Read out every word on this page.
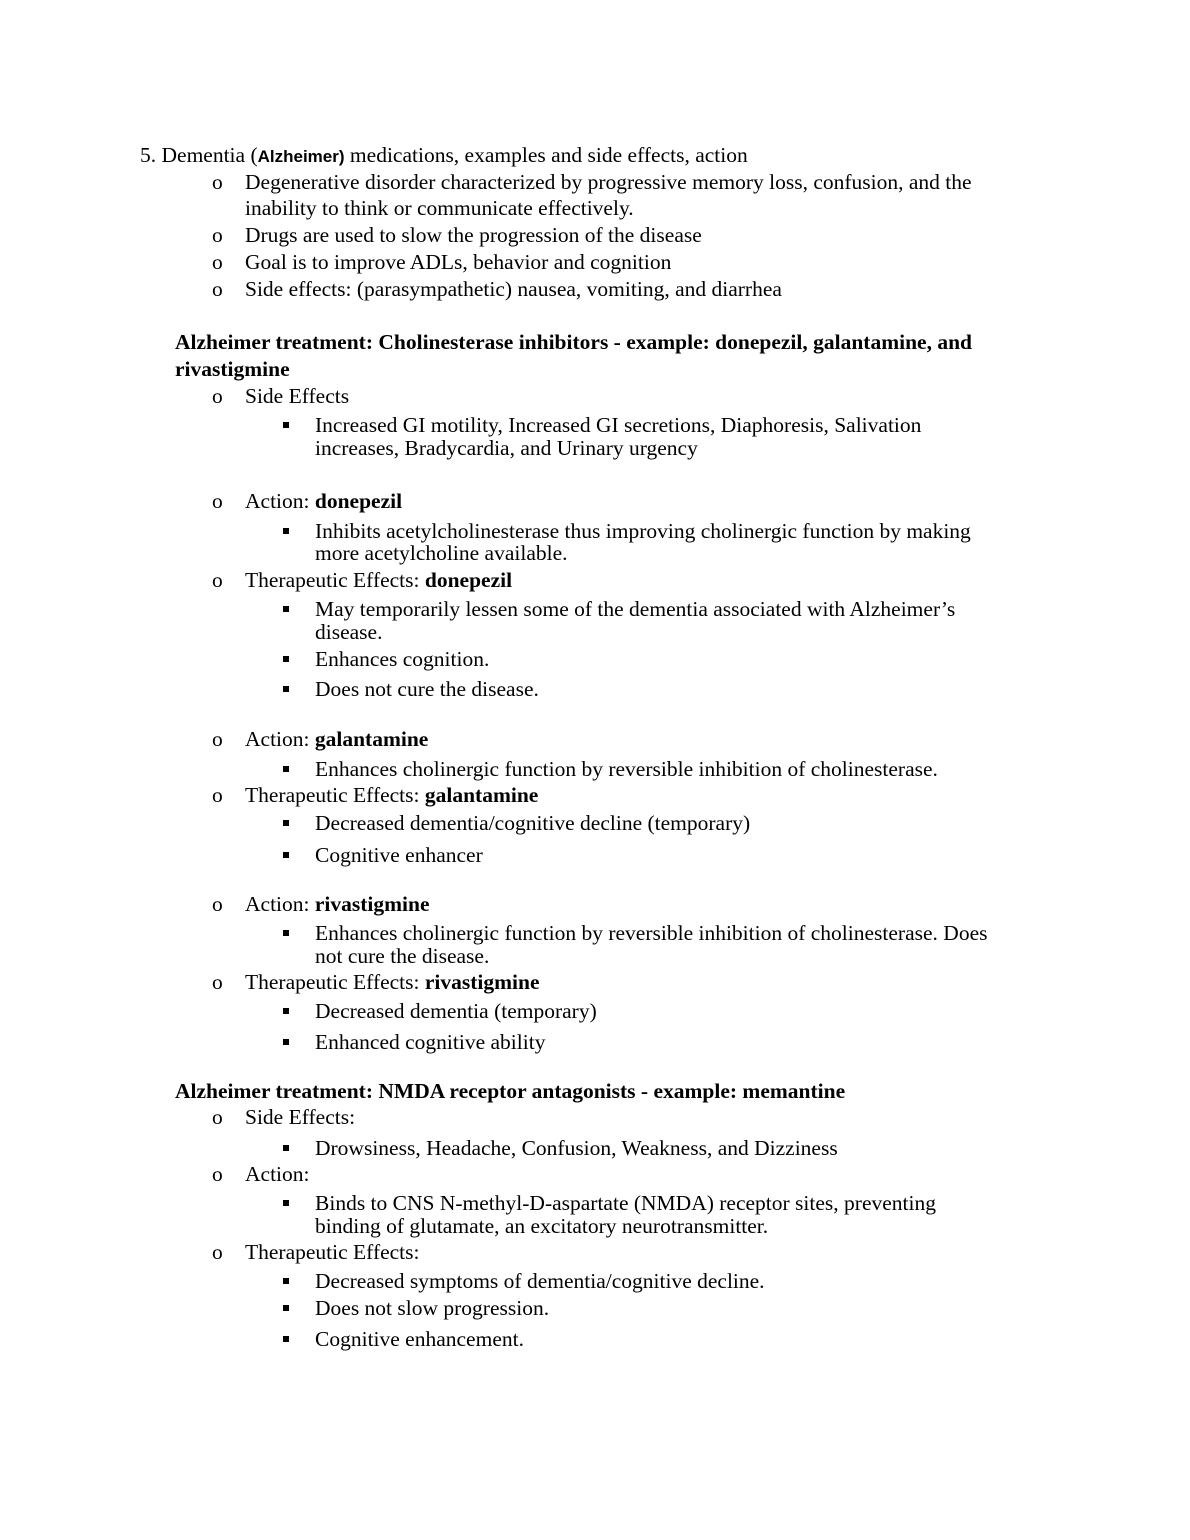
5. Dementia (Alzheimer) medications, examples and side effects, action
o Degenerative disorder characterized by progressive memory loss, confusion, and the
inability to think or communicate effectively.
o Drugs are used to slow the progression of the disease
o Goal is to improve ADLs, behavior and cognition
o Side effects: (parasympathetic) nausea, vomiting, and diarrhea
Alzheimer treatment: Cholinesterase inhibitors - example: donepezil, galantamine, and
rivastigmine
o Side Effects
Increased GI motility, Increased GI secretions, Diaphoresis, Salivation
increases, Bradycardia, and Urinary urgency
o Action: donepezil
Inhibits acetylcholinesterase thus improving cholinergic function by making
more acetylcholine available.
o Therapeutic Effects: donepezil
May temporarily lessen some of the dementia associated with Alzheimer’s
disease.
Enhances cognition.
Does not cure the disease.
o Action: galantamine
Enhances cholinergic function by reversible inhibition of cholinesterase.
o Therapeutic Effects: galantamine
Decreased dementia/cognitive decline (temporary)
Cognitive enhancer
o Action: rivastigmine
Enhances cholinergic function by reversible inhibition of cholinesterase. Does
not cure the disease.
o Therapeutic Effects: rivastigmine
Decreased dementia (temporary)
Enhanced cognitive ability
Alzheimer treatment: NMDA receptor antagonists - example: memantine
o Side Effects:
Drowsiness, Headache, Confusion, Weakness, and Dizziness
o Action:
Binds to CNS N-methyl-D-aspartate (NMDA) receptor sites, preventing
binding of glutamate, an excitatory neurotransmitter.
o Therapeutic Effects:
Decreased symptoms of dementia/cognitive decline.
Does not slow progression.
Cognitive enhancement.
